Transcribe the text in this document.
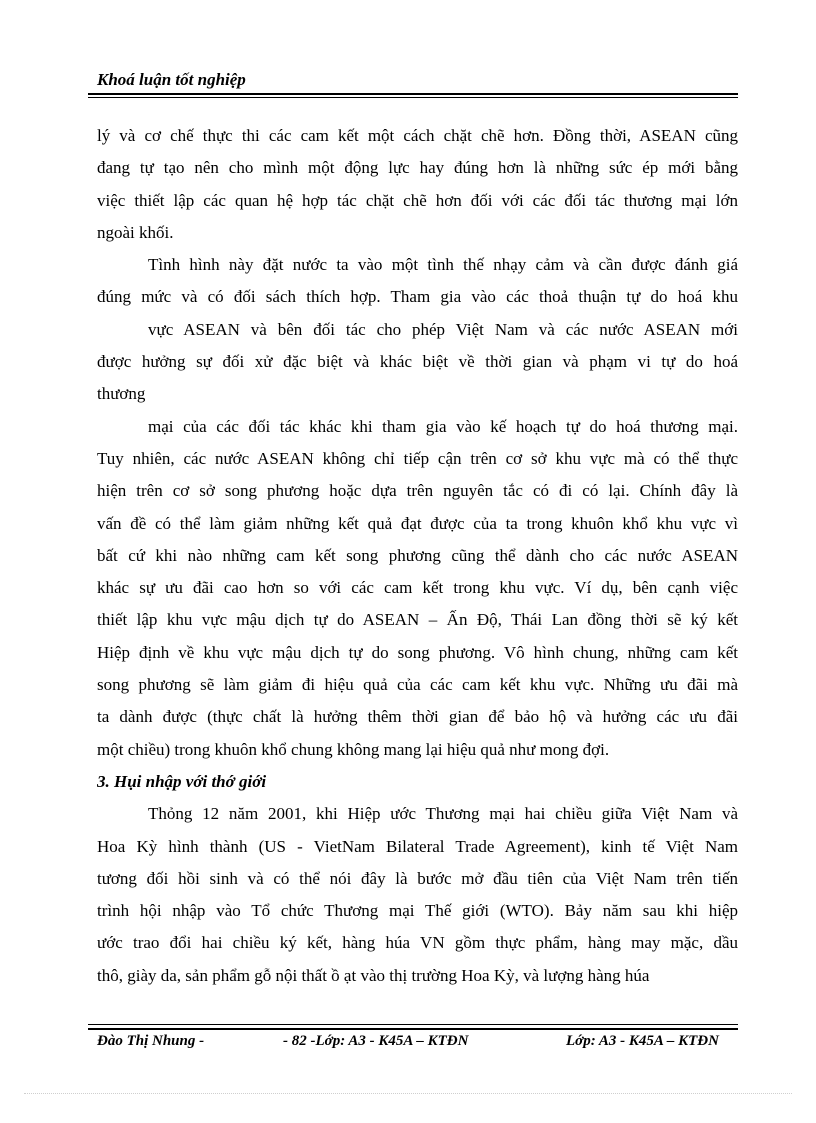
Khoá luận tốt nghiệp
lý và cơ chế thực thi các cam kết một cách chặt chẽ hơn. Đồng thời, ASEAN cũng
đang tự tạo nên cho mình một động lực hay đúng hơn là những sức ép mới bằng
việc thiết lập các quan hệ hợp tác chặt chẽ hơn đối với các đối tác thương mại lớn
ngoài khối.
Tình hình này đặt nước ta vào một tình thế nhạy cảm và cần được đánh giá
đúng mức và có đối sách thích hợp. Tham gia vào các thoả thuận tự do hoá khu
vực ASEAN và bên đối tác cho phép Việt Nam và các nước ASEAN mới
được hưởng sự đối xử đặc biệt và khác biệt về thời gian và phạm vi tự do hoá
thương
mại của các đối tác khác khi tham gia vào kế hoạch tự do hoá thương mại.
Tuy nhiên, các nước ASEAN không chỉ tiếp cận trên cơ sở khu vực mà có thể thực
hiện trên cơ sở song phương hoặc dựa trên nguyên tắc có đi có lại. Chính đây là
vấn đề có thể làm giảm những kết quả đạt được của ta trong khuôn khổ khu vực vì
bất cứ khi nào những cam kết song phương cũng thể dành cho các nước ASEAN
khác sự ưu đãi cao hơn so với các cam kết trong khu vực. Ví dụ, bên cạnh việc
thiết lập khu vực mậu dịch tự do ASEAN – Ấn Độ, Thái Lan đồng thời sẽ ký kết
Hiệp định về khu vực mậu dịch tự do song phương. Vô hình chung, những cam kết
song phương sẽ làm giảm đi hiệu quả của các cam kết khu vực. Những ưu đãi mà
ta dành được (thực chất là hưởng thêm thời gian để bảo hộ và hưởng các ưu đãi
một chiều) trong khuôn khổ chung không mang lại hiệu quả như mong đợi.
3. Hụi nhập với thớ giới
Thỏng 12 năm 2001, khi Hiệp ước Thương mại hai chiều giữa Việt Nam và
Hoa Kỳ hình thành (US - VietNam Bilateral Trade Agreement), kinh tế Việt Nam
tương đối hồi sinh và có thể nói đây là bước mở đầu tiên của Việt Nam trên tiến
trình hội nhập vào Tổ chức Thương mại Thế giới (WTO). Bảy năm sau khi hiệp
ước trao đổi hai chiều ký kết, hàng húa VN gồm thực phẩm, hàng may mặc, dầu
thô, giày da, sản phẩm gỗ nội thất ồ ạt vào thị trường Hoa Kỳ, và lượng hàng húa
Đào Thị Nhung -	- 82 -Lớp: A3 - K45A – KTĐN	Lớp: A3 - K45A – KTĐN
